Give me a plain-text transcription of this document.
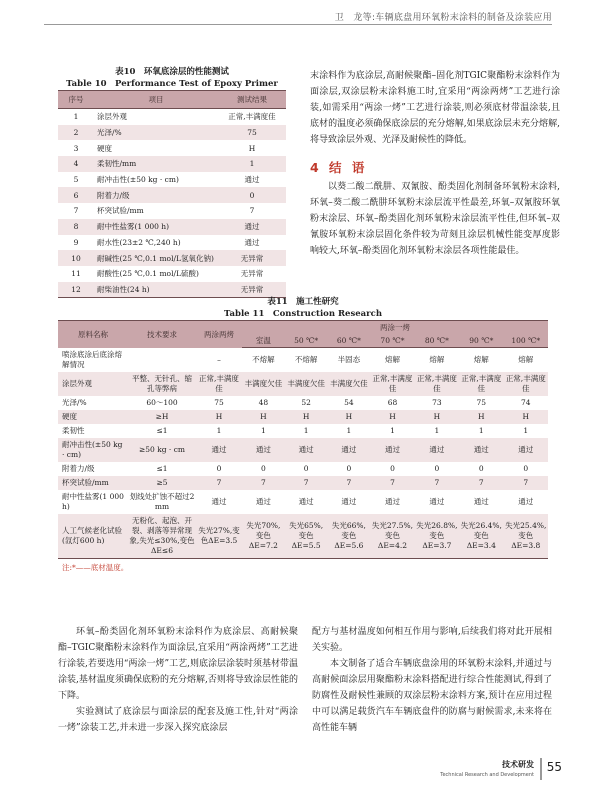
卫　龙等:车辆底盘用环氧粉末涂料的制备及涂装应用
表10　环氧底涂层的性能测试
Table 10　Performance Test of Epoxy Primer
序号	项目	测试结果
1	涂层外观	正常,丰满度佳
2	光泽/%	75
3	硬度	H
4	柔韧性/mm	1
5	耐冲击性(±50 kg · cm)	通过
6	附着力/级	0
7	杯突试验/mm	7
8	耐中性盐雾(1 000 h)	通过
9	耐水性(23±2 ℃,240 h)	通过
10	耐碱性(25 ℃,0.1 mol/L氢氧化钠)	无异常
11	耐酸性(25 ℃,0.1 mol/L硫酸)	无异常
12	耐柴油性(24 h)	无异常
末涂料作为底涂层,高耐候聚酯–固化剂TGIC聚酯粉末涂料作为面涂层,双涂层粉末涂料施工时,宜采用“两涂两烤”工艺进行涂装,如需采用“两涂一烤”工艺进行涂装,则必须底材带温涂装,且底材的温度必须确保底涂层的充分熔解,如果底涂层未充分熔解,将导致涂层外观、光泽及耐候性的降低。
4 结 语
以葵二酸二酰肼、双氰胺、酚类固化剂制备环氧粉末涂料,环氧–葵二酸二酰肼环氧粉末涂层流平性最差,环氧–双氰胺环氧粉末涂层、环氧–酚类固化剂环氧粉末涂层流平性佳,但环氧–双氰胺环氧粉末涂层固化条件较为苛刻且涂层机械性能变厚度影响较大,环氧–酚类固化剂环氧粉末涂层各项性能最佳。
表11　施工性研究
Table 11　Construction Research
原料名称	技术要求	两涂两烤	两涂一烤						
			室温	50 ℃*	60 ℃*	70 ℃*	80 ℃*	90 ℃*	100 ℃*
喷涂底涂后底涂熔解情况		–	不熔解	不熔解	半固态	熔解	熔解	熔解	熔解
涂层外观	平整、无针孔、缩孔等弊病	正常,丰满度佳	丰满度欠佳	丰满度欠佳	丰满度欠佳	正常,丰满度佳	正常,丰满度佳	正常,丰满度佳	正常,丰满度佳
光泽/%	60～100	75	48	52	54	68	73	75	74
硬度	≥H	H	H	H	H	H	H	H	H
柔韧性	≤1	1	1	1	1	1	1	1	1
耐冲击性(±50 kg · cm)	≥50 kg · cm	通过	通过	通过	通过	通过	通过	通过	通过
附着力/级	≤1	0	0	0	0	0	0	0	0
杯突试验/mm	≥5	7	7	7	7	7	7	7	7
耐中性盐雾(1 000 h)	划线处扩蚀不超过2 mm	通过	通过	通过	通过	通过	通过	通过	通过
人工气候老化试验(氙灯600 h)	无粉化、起泡、开裂、剥落等异常现象,失光≤30%,变色ΔE≤6	失光27%,变色ΔE=3.5	失光70%,变色ΔE=7.2	失光65%,变色ΔE=5.5	失光66%,变色ΔE=5.6	失光27.5%,变色ΔE=4.2	失光26.8%,变色ΔE=3.7	失光26.4%,变色ΔE=3.4	失光25.4%,变色ΔE=3.8
注:*——底材温度。

环氧–酚类固化剂环氧粉末涂料作为底涂层、高耐候聚酯–TGIC聚酯粉末涂料作为面涂层,宜采用“两涂两烤”工艺进行涂装,若要选用“两涂一烤”工艺,则底涂层涂装时须基材带温涂装,基材温度须确保底粉的充分熔解,否则将导致涂层性能的下降。

实验测试了底涂层与面涂层的配套及施工性,针对“两涂一烤”涂装工艺,并未进一步深入探究底涂层

配方与基材温度如何相互作用与影响,后续我们将对此开展相关实验。

本文制备了适合车辆底盘涂用的环氧粉末涂料,并通过与高耐候面涂层用聚酯粉末涂料搭配进行综合性能测试,得到了防腐性及耐候性兼顾的双涂层粉末涂料方案,预计在应用过程中可以满足载货汽车车辆底盘件的防腐与耐候需求,未来将在高性能车辆

技术研发
Technical Research and Development
55
